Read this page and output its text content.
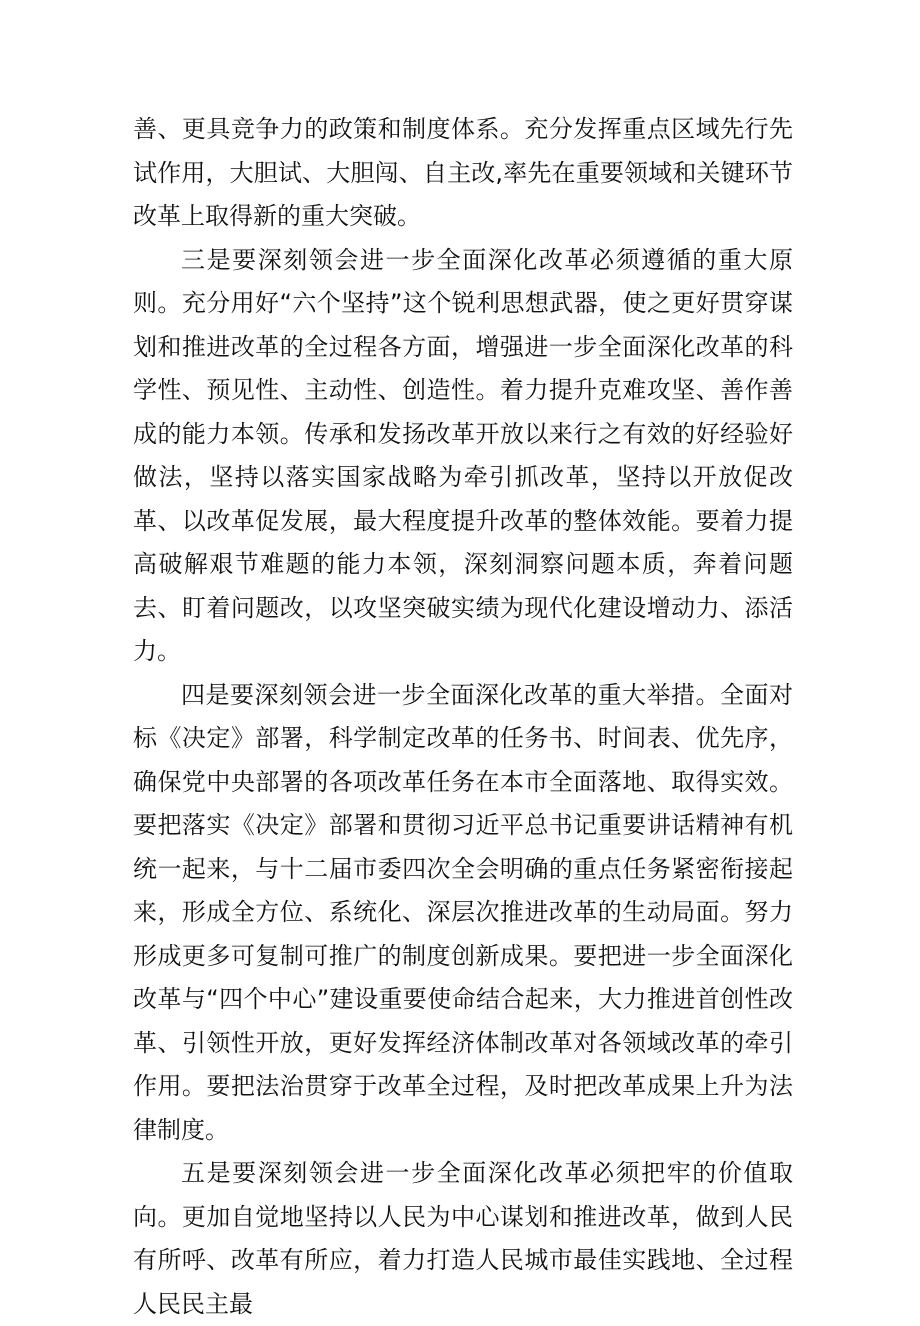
善、更具竞争力的政策和制度体系。充分发挥重点区域先行先试作用，大胆试、大胆闯、自主改,率先在重要领域和关键环节改革上取得新的重大突破。

三是要深刻领会进一步全面深化改革必须遵循的重大原则。充分用好“六个坚持”这个锐利思想武器，使之更好贯穿谋划和推进改革的全过程各方面，增强进一步全面深化改革的科学性、预见性、主动性、创造性。着力提升克难攻坚、善作善成的能力本领。传承和发扬改革开放以来行之有效的好经验好做法，坚持以落实国家战略为牵引抓改革，坚持以开放促改革、以改革促发展，最大程度提升改革的整体效能。要着力提高破解艰节难题的能力本领，深刻洞察问题本质，奔着问题去、盯着问题改，以攻坚突破实绩为现代化建设增动力、添活力。

四是要深刻领会进一步全面深化改革的重大举措。全面对标《决定》部署，科学制定改革的任务书、时间表、优先序，确保党中央部署的各项改革任务在本市全面落地、取得实效。要把落实《决定》部署和贯彻习近平总书记重要讲话精神有机统一起来，与十二届市委四次全会明确的重点任务紧密衔接起来，形成全方位、系统化、深层次推进改革的生动局面。努力形成更多可复制可推广的制度创新成果。要把进一步全面深化改革与“四个中心”建设重要使命结合起来，大力推进首创性改革、引领性开放，更好发挥经济体制改革对各领域改革的牵引作用。要把法治贯穿于改革全过程，及时把改革成果上升为法律制度。

五是要深刻领会进一步全面深化改革必须把牢的价值取向。更加自觉地坚持以人民为中心谋划和推进改革，做到人民有所呼、改革有所应，着力打造人民城市最佳实践地、全过程人民民主最
